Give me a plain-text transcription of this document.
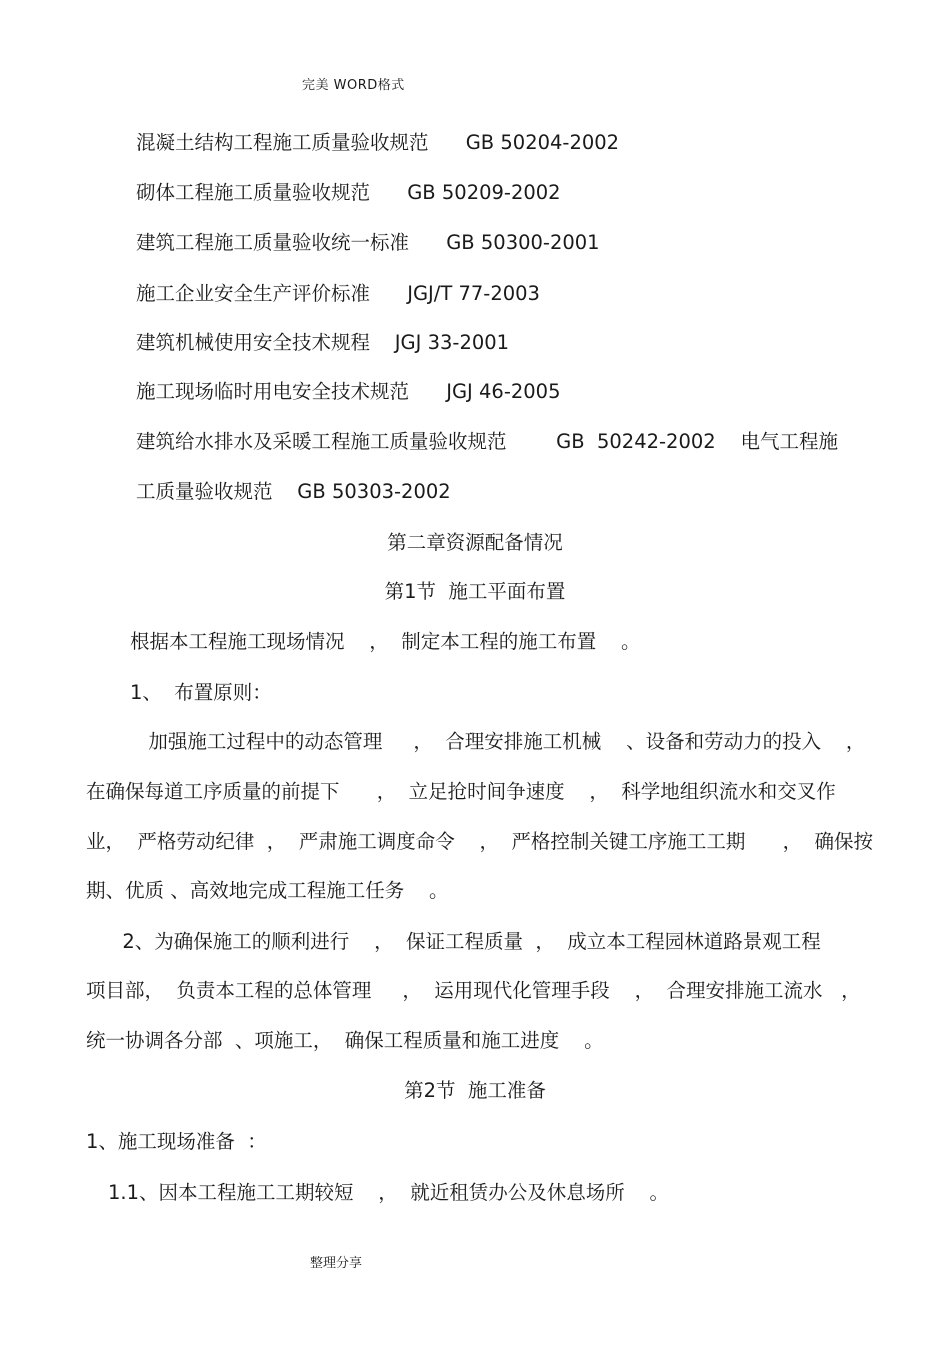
完美 WORD格式
混凝土结构工程施工质量验收规范      GB 50204-2002
砌体工程施工质量验收规范      GB 50209-2002
建筑工程施工质量验收统一标准      GB 50300-2001
施工企业安全生产评价标准      JGJ/T 77-2003
建筑机械使用安全技术规程    JGJ 33-2001
施工现场临时用电安全技术规范      JGJ 46-2005
建筑给水排水及采暖工程施工质量验收规范        GB  50242-2002    电气工程施
工质量验收规范    GB 50303-2002
第二章资源配备情况
第1节  施工平面布置
根据本工程施工现场情况    ，  制定本工程的施工布置    。
1、  布置原则：
加强施工过程中的动态管理     ，  合理安排施工机械    、设备和劳动力的投入    ，
在确保每道工序质量的前提下      ，  立足抢时间争速度    ，  科学地组织流水和交叉作
业，  严格劳动纪律  ，  严肃施工调度命令    ，  严格控制关键工序施工工期      ，  确保按
期、优质 、高效地完成工程施工任务    。
2、为确保施工的顺利进行    ，  保证工程质量  ，  成立本工程园林道路景观工程
项目部，  负责本工程的总体管理     ，  运用现代化管理手段    ，  合理安排施工流水   ，
统一协调各分部  、项施工，  确保工程质量和施工进度    。
第2节  施工准备
1、施工现场准备  ：
1.1、因本工程施工工期较短    ，  就近租赁办公及休息场所    。
整理分享
